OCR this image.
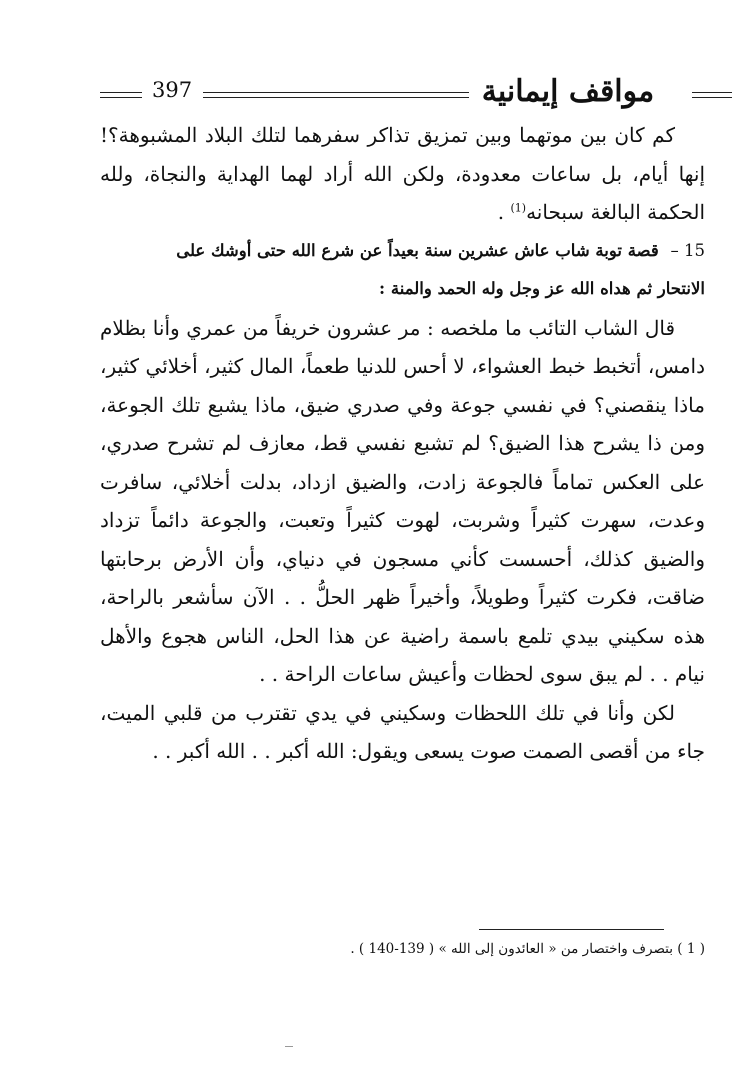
397	مواقف إيمانية

كم كان بين موتهما وبين تمزيق تذاكر سفرهما لتلك البلاد المشبوهة؟! إنها أيام، بل ساعات معدودة، ولكن الله أراد لهما الهداية والنجاة، ولله الحكمة البالغة سبحانه$^{(1)}$ .

15 – قصة توبة شاب عاش عشرين سنة بعيداً عن شرع الله حتى أوشك على
الانتحار ثم هداه الله عز وجل وله الحمد والمنة :

قال الشاب التائب ما ملخصه : مر عشرون خريفاً من عمري وأنا بظلام دامس، أتخبط خبط العشواء، لا أحس للدنيا طعماً، المال كثير، أخلائي كثير، ماذا ينقصني؟ في نفسي جوعة وفي صدري ضيق، ماذا يشبع تلك الجوعة، ومن ذا يشرح هذا الضيق؟ لم تشبع نفسي قط، معازف لم تشرح صدري، على العكس تماماً فالجوعة زادت، والضيق ازداد، بدلت أخلائي، سافرت وعدت، سهرت كثيراً وشربت، لهوت كثيراً وتعبت، والجوعة دائماً تزداد والضيق كذلك، أحسست كأني مسجون في دنياي، وأن الأرض برحابتها ضاقت، فكرت كثيراً وطويلاً، وأخيراً ظهر الحلُّ . . الآن سأشعر بالراحة، هذه سكيني بيدي تلمع باسمة راضية عن هذا الحل، الناس هجوع والأهل نيام . . لم يبق سوى لحظات وأعيش ساعات الراحة . .

لكن وأنا في تلك اللحظات وسكيني في يدي تقترب من قلبي الميت، جاء من أقصى الصمت صوت يسعى ويقول: الله أكبر . . الله أكبر . .

( 1 ) بتصرف واختصار من « العائدون إلى الله » ( 139-140 ) .
